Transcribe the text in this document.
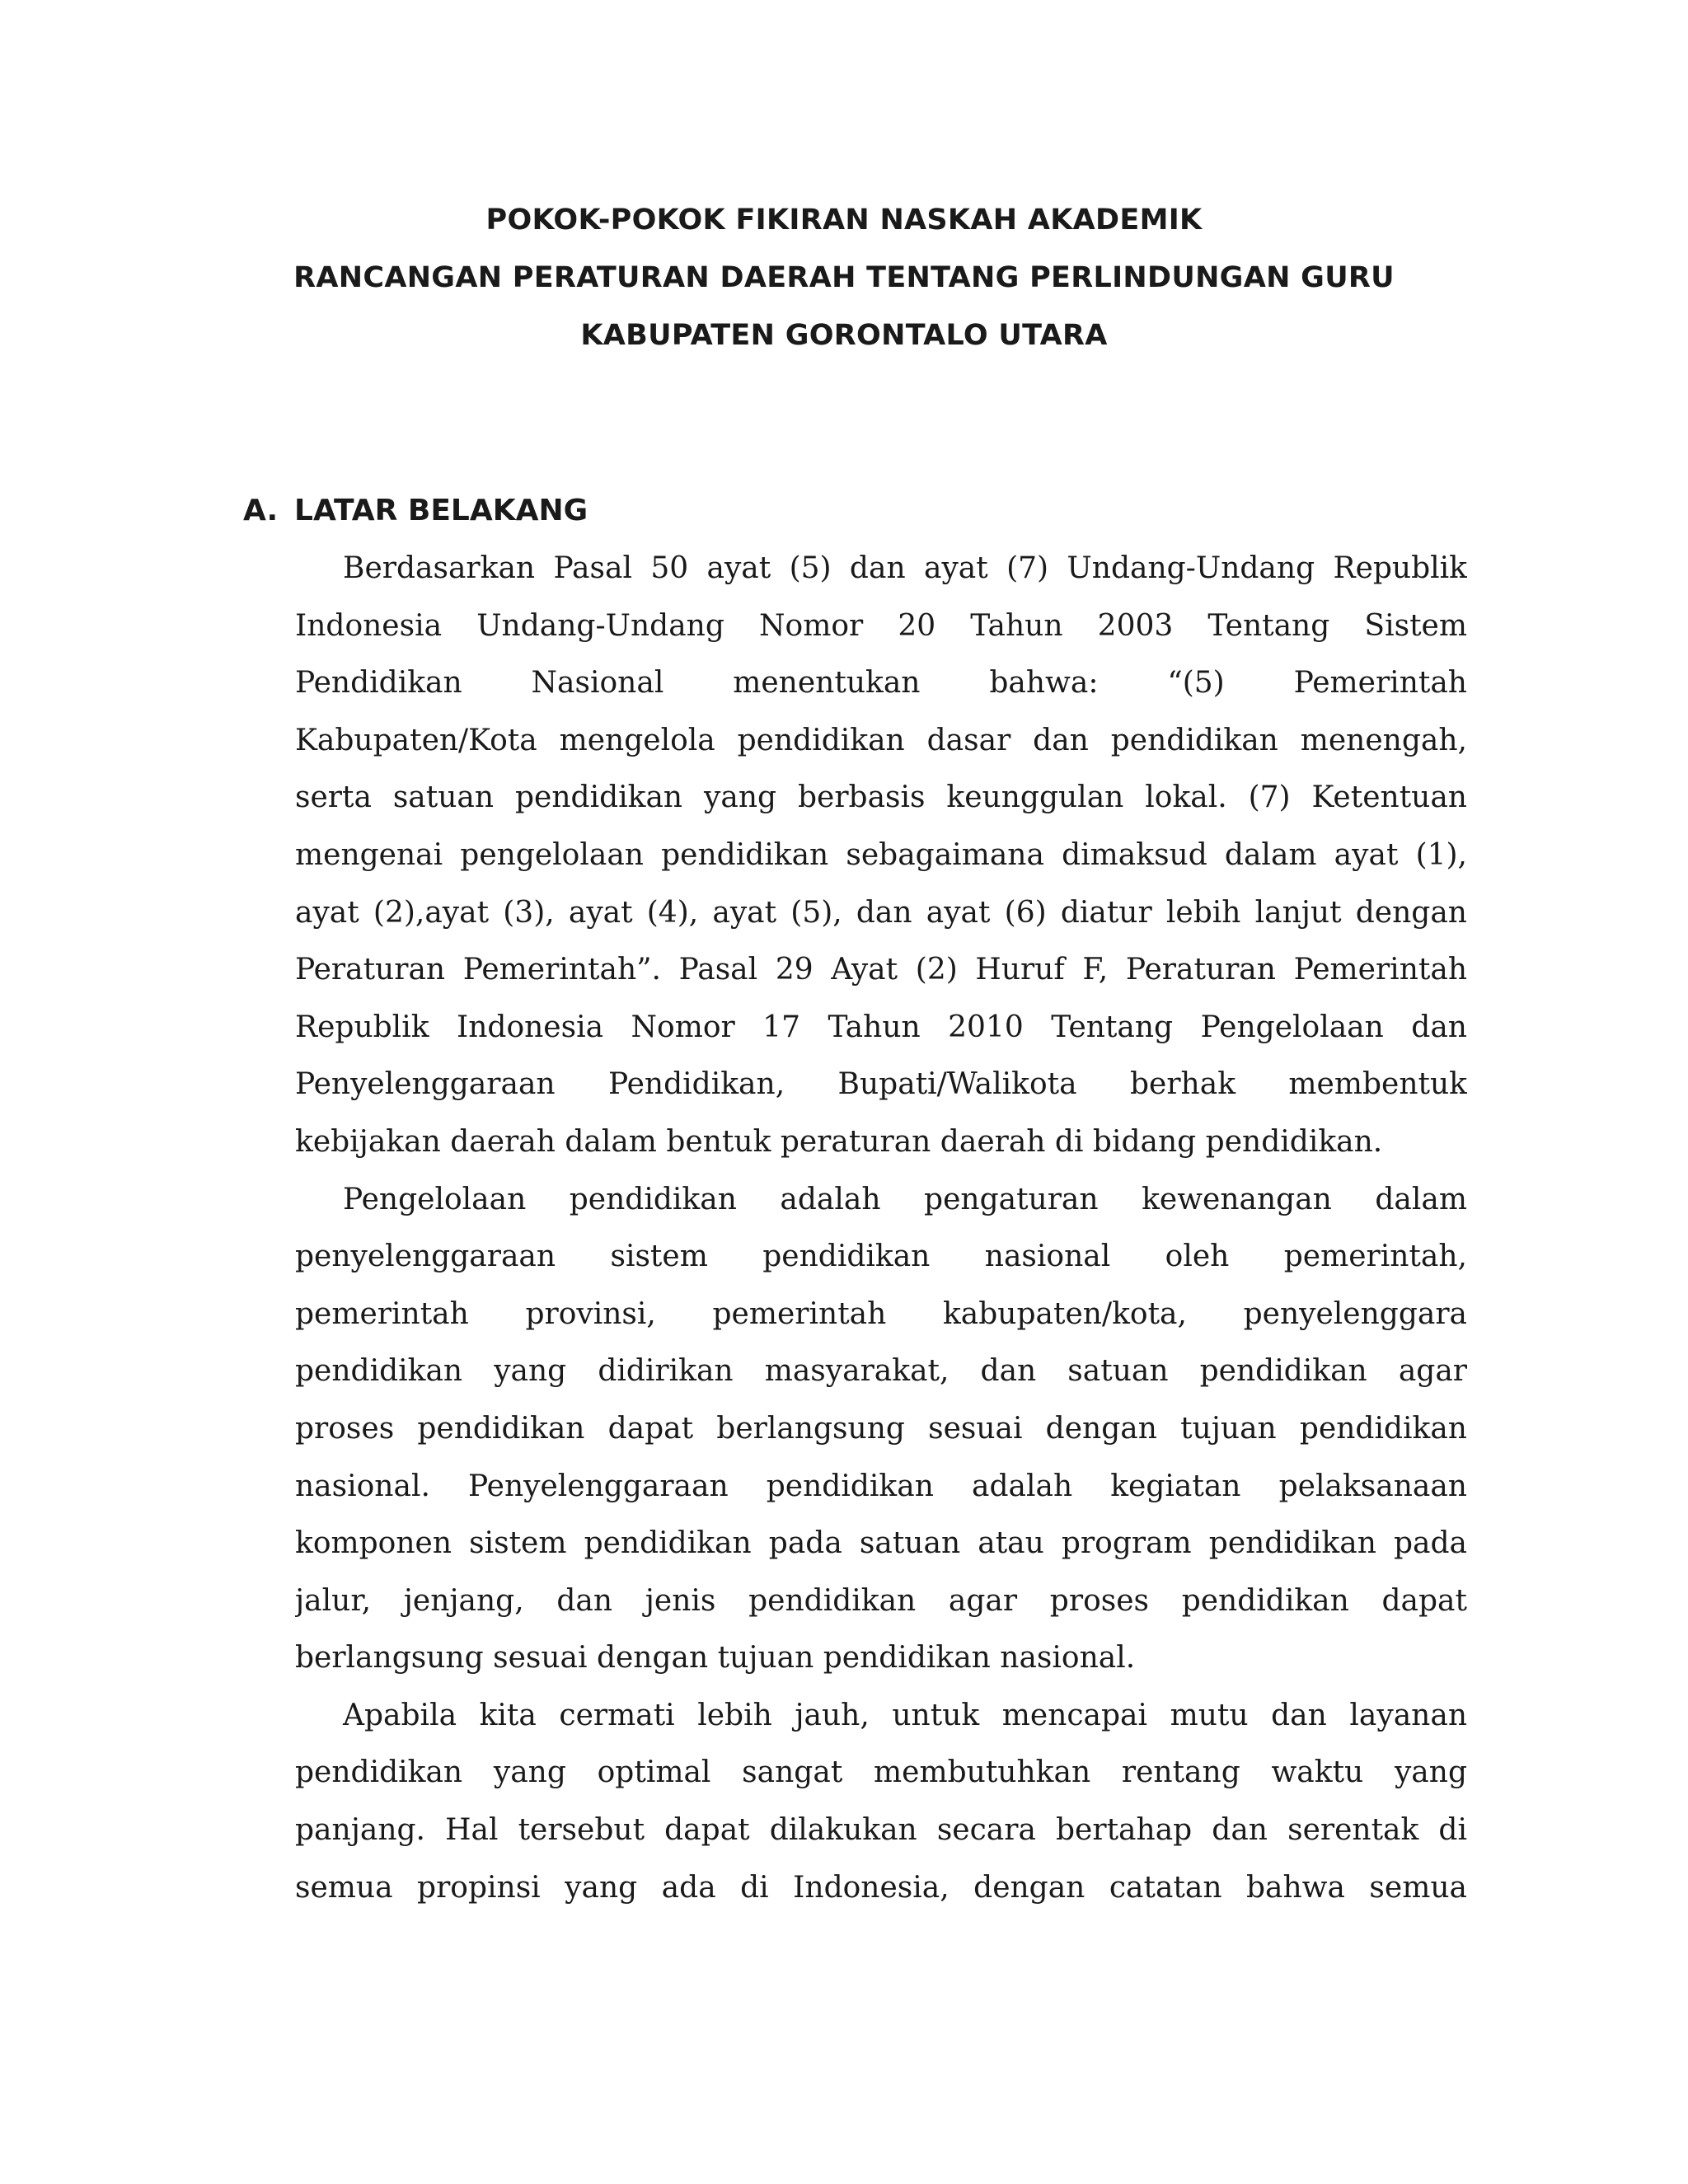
POKOK-POKOK FIKIRAN NASKAH AKADEMIK
RANCANGAN PERATURAN DAERAH TENTANG PERLINDUNGAN GURU
KABUPATEN GORONTALO UTARA
A. LATAR BELAKANG
Berdasarkan Pasal 50 ayat (5) dan ayat (7) Undang-Undang Republik
Indonesia Undang-Undang Nomor 20 Tahun 2003 Tentang Sistem
Pendidikan Nasional menentukan bahwa: “(5) Pemerintah
Kabupaten/Kota mengelola pendidikan dasar dan pendidikan menengah,
serta satuan pendidikan yang berbasis keunggulan lokal. (7) Ketentuan
mengenai pengelolaan pendidikan sebagaimana dimaksud dalam ayat (1),
ayat (2),ayat (3), ayat (4), ayat (5), dan ayat (6) diatur lebih lanjut dengan
Peraturan Pemerintah”. Pasal 29 Ayat (2) Huruf F, Peraturan Pemerintah
Republik Indonesia Nomor 17 Tahun 2010 Tentang Pengelolaan dan
Penyelenggaraan Pendidikan, Bupati/Walikota berhak membentuk
kebijakan daerah dalam bentuk peraturan daerah di bidang pendidikan.
Pengelolaan pendidikan adalah pengaturan kewenangan dalam
penyelenggaraan sistem pendidikan nasional oleh pemerintah,
pemerintah provinsi, pemerintah kabupaten/kota, penyelenggara
pendidikan yang didirikan masyarakat, dan satuan pendidikan agar
proses pendidikan dapat berlangsung sesuai dengan tujuan pendidikan
nasional. Penyelenggaraan pendidikan adalah kegiatan pelaksanaan
komponen sistem pendidikan pada satuan atau program pendidikan pada
jalur, jenjang, dan jenis pendidikan agar proses pendidikan dapat
berlangsung sesuai dengan tujuan pendidikan nasional.
Apabila kita cermati lebih jauh, untuk mencapai mutu dan layanan
pendidikan yang optimal sangat membutuhkan rentang waktu yang
panjang. Hal tersebut dapat dilakukan secara bertahap dan serentak di
semua propinsi yang ada di Indonesia, dengan catatan bahwa semua
